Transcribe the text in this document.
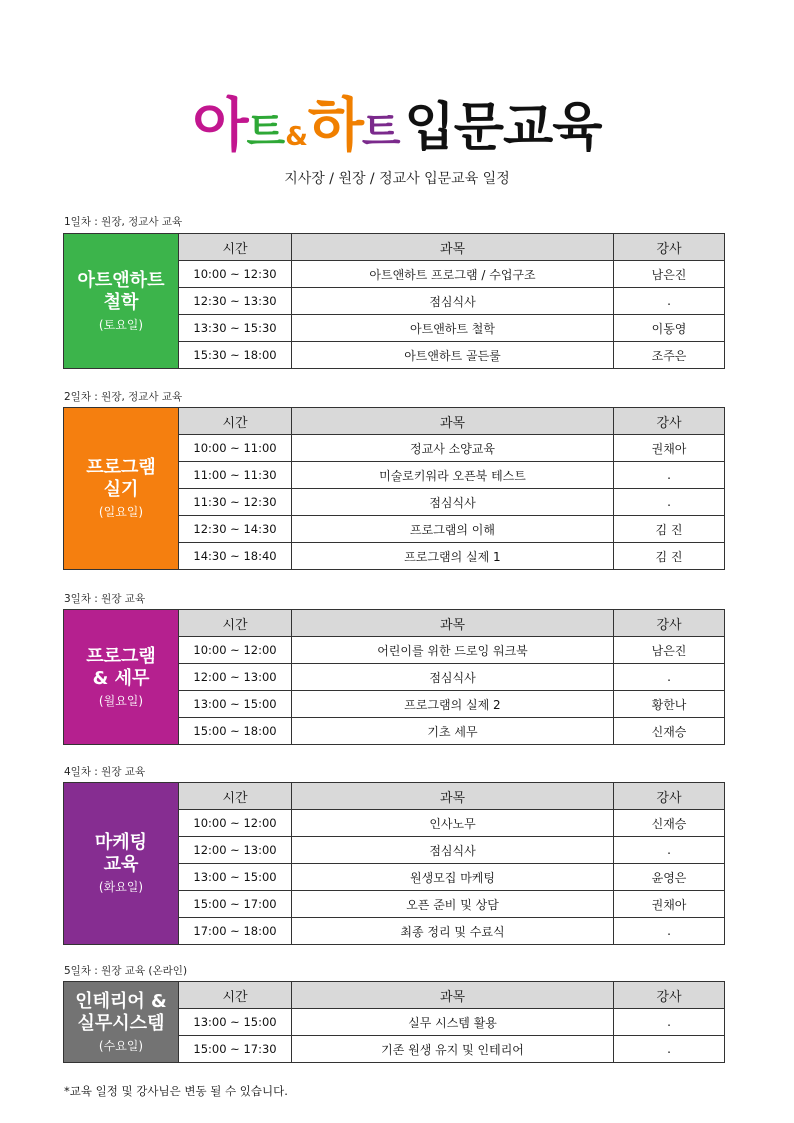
아트&하트입문교육
지사장 / 원장 / 정교사 입문교육 일정
1일차 : 원장, 정교사 교육
아트앤하트
철학
(토요일)
시간	과목	강사
10:00 ~ 12:30	아트앤하트 프로그램 / 수업구조	남은진
12:30 ~ 13:30	점심식사	.
13:30 ~ 15:30	아트앤하트 철학	이동영
15:30 ~ 18:00	아트앤하트 골든룰	조주은
2일차 : 원장, 정교사 교육
프로그램
실기
(일요일)
시간	과목	강사
10:00 ~ 11:00	정교사 소양교육	권채아
11:00 ~ 11:30	미술로키워라 오픈북 테스트	.
11:30 ~ 12:30	점심식사	.
12:30 ~ 14:30	프로그램의 이해	김 진
14:30 ~ 18:40	프로그램의 실제 1	김 진
3일차 : 원장 교육
프로그램
& 세무
(월요일)
시간	과목	강사
10:00 ~ 12:00	어린이를 위한 드로잉 워크북	남은진
12:00 ~ 13:00	점심식사	.
13:00 ~ 15:00	프로그램의 실제 2	황한나
15:00 ~ 18:00	기초 세무	신재승
4일차 : 원장 교육
마케팅
교육
(화요일)
시간	과목	강사
10:00 ~ 12:00	인사노무	신재승
12:00 ~ 13:00	점심식사	.
13:00 ~ 15:00	원생모집 마케팅	윤영은
15:00 ~ 17:00	오픈 준비 및 상담	권채아
17:00 ~ 18:00	최종 정리 및 수료식	.
5일차 : 원장 교육 (온라인)
인테리어 &
실무시스템
(수요일)
시간	과목	강사
13:00 ~ 15:00	실무 시스템 활용	.
15:00 ~ 17:30	기존 원생 유지 및 인테리어	.
*교육 일정 및 강사님은 변동 될 수 있습니다.
